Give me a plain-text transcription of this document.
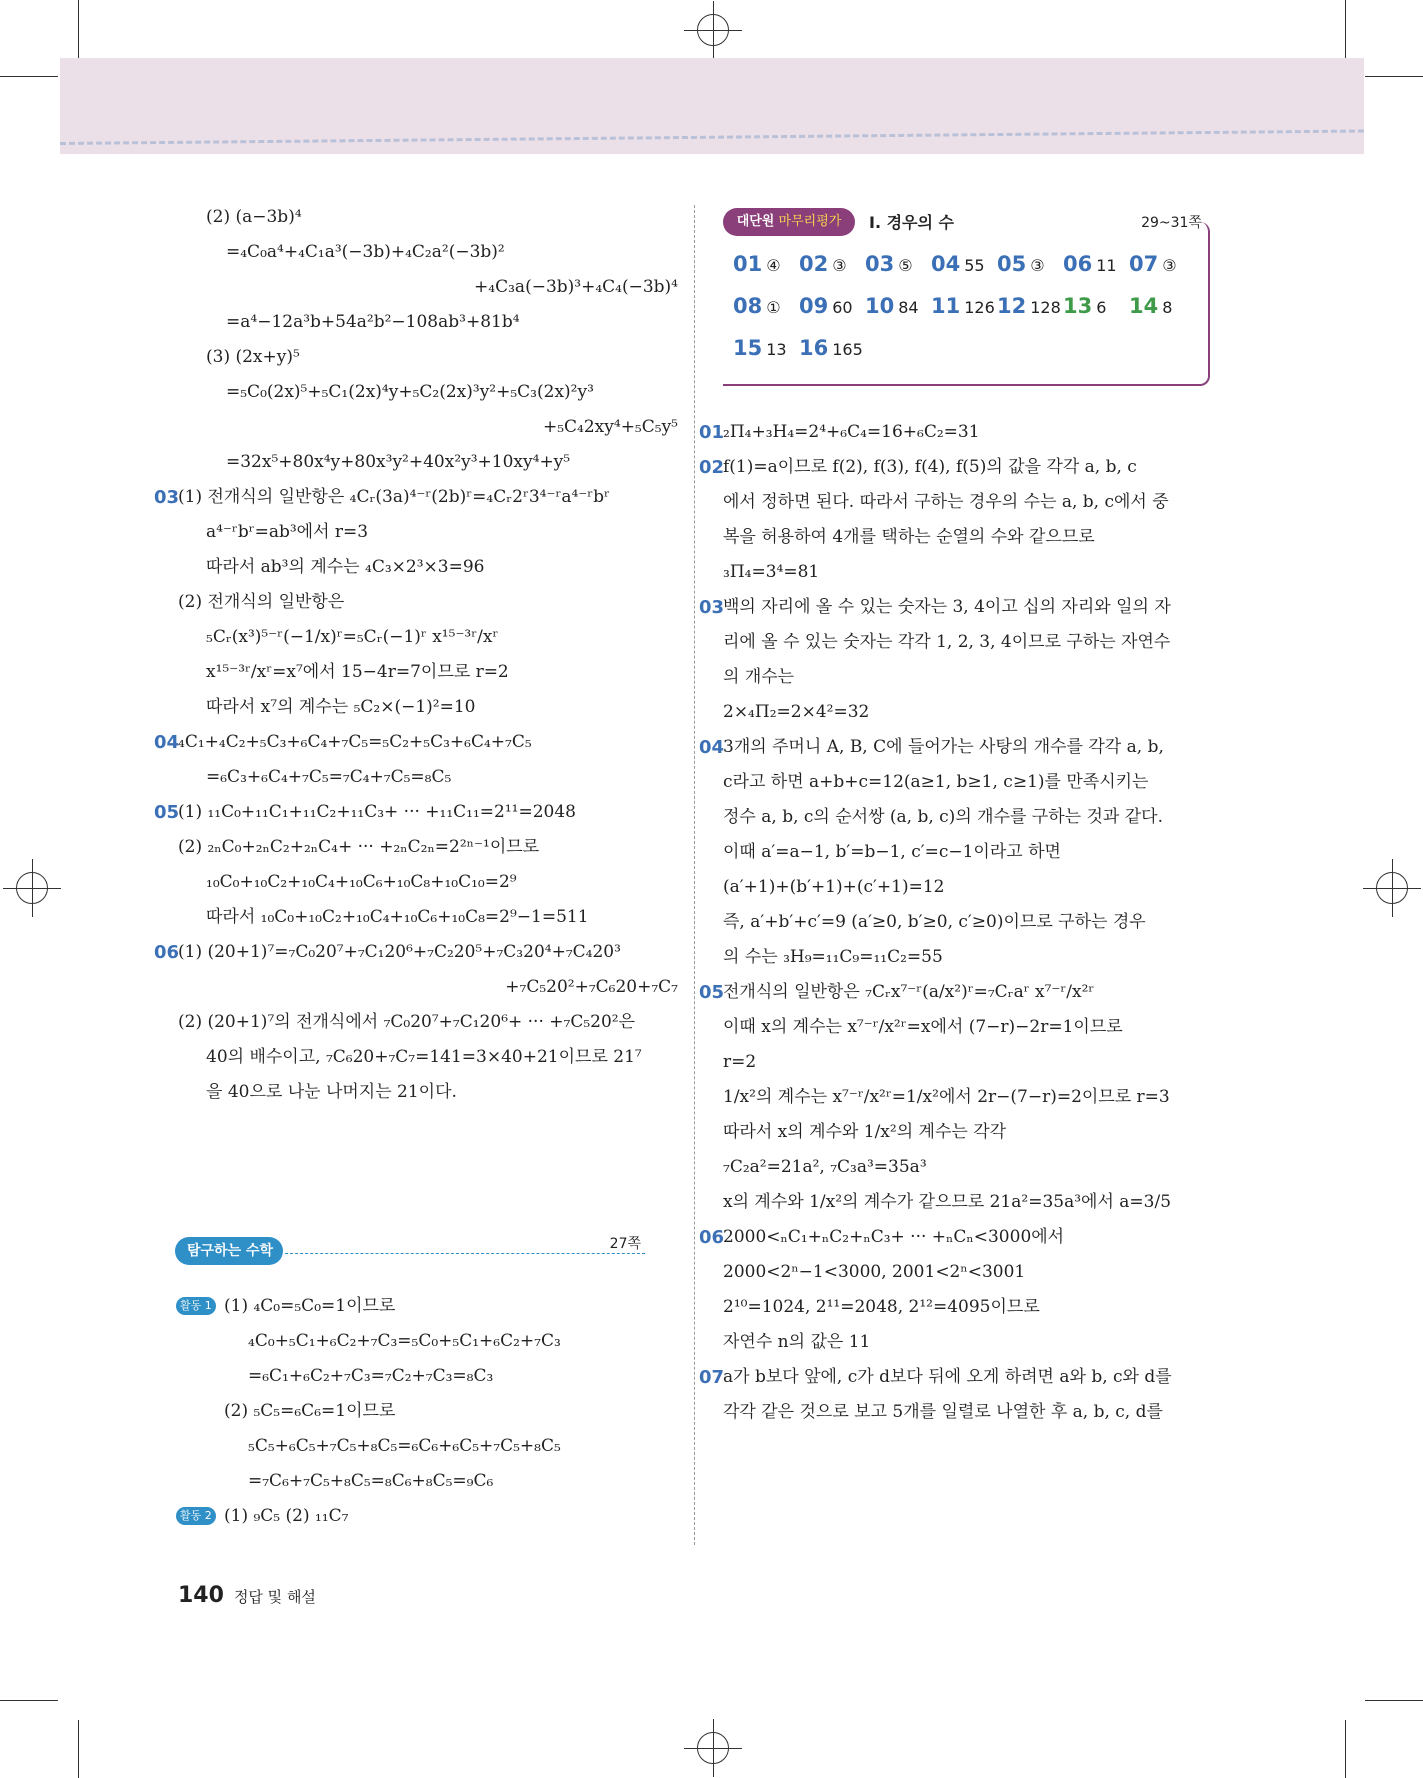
(2) (a−3b)⁴
=₄C₀a⁴+₄C₁a³(−3b)+₄C₂a²(−3b)²
+₄C₃a(−3b)³+₄C₄(−3b)⁴
=a⁴−12a³b+54a²b²−108ab³+81b⁴
(3) (2x+y)⁵
=₅C₀(2x)⁵+₅C₁(2x)⁴y+₅C₂(2x)³y²+₅C₃(2x)²y³
+₅C₄2xy⁴+₅C₅y⁵
=32x⁵+80x⁴y+80x³y²+40x²y³+10xy⁴+y⁵
03
(1) 전개식의 일반항은 ₄Cᵣ(3a)⁴⁻ʳ(2b)ʳ=₄Cᵣ2ʳ3⁴⁻ʳa⁴⁻ʳbʳ
a⁴⁻ʳbʳ=ab³에서 r=3
따라서 ab³의 계수는 ₄C₃×2³×3=96
(2) 전개식의 일반항은
₅Cᵣ(x³)⁵⁻ʳ(−1/x)ʳ=₅Cᵣ(−1)ʳ x¹⁵⁻³ʳ/xʳ
x¹⁵⁻³ʳ/xʳ=x⁷에서 15−4r=7이므로 r=2
따라서 x⁷의 계수는 ₅C₂×(−1)²=10
04
₄C₁+₄C₂+₅C₃+₆C₄+₇C₅=₅C₂+₅C₃+₆C₄+₇C₅
=₆C₃+₆C₄+₇C₅=₇C₄+₇C₅=₈C₅
05
(1) ₁₁C₀+₁₁C₁+₁₁C₂+₁₁C₃+ ··· +₁₁C₁₁=2¹¹=2048
(2) ₂ₙC₀+₂ₙC₂+₂ₙC₄+ ··· +₂ₙC₂ₙ=2²ⁿ⁻¹이므로
₁₀C₀+₁₀C₂+₁₀C₄+₁₀C₆+₁₀C₈+₁₀C₁₀=2⁹
따라서 ₁₀C₀+₁₀C₂+₁₀C₄+₁₀C₆+₁₀C₈=2⁹−1=511
06
(1) (20+1)⁷=₇C₀20⁷+₇C₁20⁶+₇C₂20⁵+₇C₃20⁴+₇C₄20³
+₇C₅20²+₇C₆20+₇C₇
(2) (20+1)⁷의 전개식에서 ₇C₀20⁷+₇C₁20⁶+ ··· +₇C₅20²은
40의 배수이고, ₇C₆20+₇C₇=141=3×40+21이므로 21⁷
을 40으로 나눈 나머지는 21이다.
탐구하는 수학	27쪽
활동 1 (1) ₄C₀=₅C₀=1이므로
₄C₀+₅C₁+₆C₂+₇C₃=₅C₀+₅C₁+₆C₂+₇C₃
=₆C₁+₆C₂+₇C₃=₇C₂+₇C₃=₈C₃
(2) ₅C₅=₆C₆=1이므로
₅C₅+₆C₅+₇C₅+₈C₅=₆C₆+₆C₅+₇C₅+₈C₅
=₇C₆+₇C₅+₈C₅=₈C₆+₈C₅=₉C₆
활동 2 (1) ₉C₅ (2) ₁₁C₇
대단원 마무리평가	Ⅰ. 경우의 수	29~31쪽
01 ④ 02 ③ 03 ⑤ 04 55 05 ③ 06 11 07 ③
08 ① 09 60 10 84 11 126 12 128 13 6 14 8
15 13 16 165
01
₂Π₄+₃H₄=2⁴+₆C₄=16+₆C₂=31
02
f(1)=a이므로 f(2), f(3), f(4), f(5)의 값을 각각 a, b, c
에서 정하면 된다. 따라서 구하는 경우의 수는 a, b, c에서 중
복을 허용하여 4개를 택하는 순열의 수와 같으므로
₃Π₄=3⁴=81
03
백의 자리에 올 수 있는 숫자는 3, 4이고 십의 자리와 일의 자
리에 올 수 있는 숫자는 각각 1, 2, 3, 4이므로 구하는 자연수
의 개수는
2×₄Π₂=2×4²=32
04
3개의 주머니 A, B, C에 들어가는 사탕의 개수를 각각 a, b,
c라고 하면 a+b+c=12(a≥1, b≥1, c≥1)를 만족시키는
정수 a, b, c의 순서쌍 (a, b, c)의 개수를 구하는 것과 같다.
이때 a′=a−1, b′=b−1, c′=c−1이라고 하면
(a′+1)+(b′+1)+(c′+1)=12
즉, a′+b′+c′=9 (a′≥0, b′≥0, c′≥0)이므로 구하는 경우
의 수는 ₃H₉=₁₁C₉=₁₁C₂=55
05
전개식의 일반항은 ₇Cᵣx⁷⁻ʳ(a/x²)ʳ=₇Cᵣaʳ x⁷⁻ʳ/x²ʳ
이때 x의 계수는 x⁷⁻ʳ/x²ʳ=x에서 (7−r)−2r=1이므로
r=2
1/x²의 계수는 x⁷⁻ʳ/x²ʳ=1/x²에서 2r−(7−r)=2이므로 r=3
따라서 x의 계수와 1/x²의 계수는 각각
₇C₂a²=21a², ₇C₃a³=35a³
x의 계수와 1/x²의 계수가 같으므로 21a²=35a³에서 a=3/5
06
2000<ₙC₁+ₙC₂+ₙC₃+ ··· +ₙCₙ<3000에서
2000<2ⁿ−1<3000, 2001<2ⁿ<3001
2¹⁰=1024, 2¹¹=2048, 2¹²=4095이므로
자연수 n의 값은 11
07
a가 b보다 앞에, c가 d보다 뒤에 오게 하려면 a와 b, c와 d를
각각 같은 것으로 보고 5개를 일렬로 나열한 후 a, b, c, d를
140 정답 및 해설
